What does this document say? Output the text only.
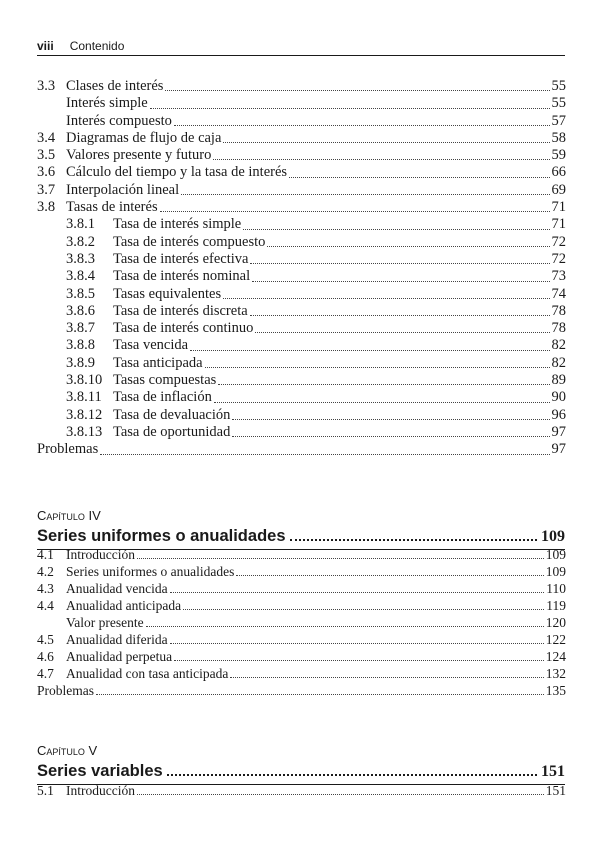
viii Contenido
3.3 Clases de interés	55
Interés simple	55
Interés compuesto	57
3.4 Diagramas de flujo de caja	58
3.5 Valores presente y futuro	59
3.6 Cálculo del tiempo y la tasa de interés	66
3.7 Interpolación lineal	69
3.8 Tasas de interés	71
3.8.1	Tasa de interés simple	71
3.8.2	Tasa de interés compuesto	72
3.8.3	Tasa de interés efectiva	72
3.8.4	Tasa de interés nominal	73
3.8.5	Tasas equivalentes	74
3.8.6	Tasa de interés discreta	78
3.8.7	Tasa de interés continuo	78
3.8.8	Tasa vencida	82
3.8.9	Tasa anticipada	82
3.8.10 Tasas compuestas	89
3.8.11 Tasa de inflación	90
3.8.12 Tasa de devaluación	96
3.8.13 Tasa de oportunidad	97
Problemas	97
Capítulo IV
Series uniformes o anualidades	109
4.1 Introducción	109
4.2 Series uniformes o anualidades	109
4.3 Anualidad vencida	110
4.4 Anualidad anticipada	119
Valor presente	120
4.5 Anualidad diferida	122
4.6 Anualidad perpetua	124
4.7 Anualidad con tasa anticipada	132
Problemas	135
Capítulo V
Series variables	151
5.1 Introducción	151
